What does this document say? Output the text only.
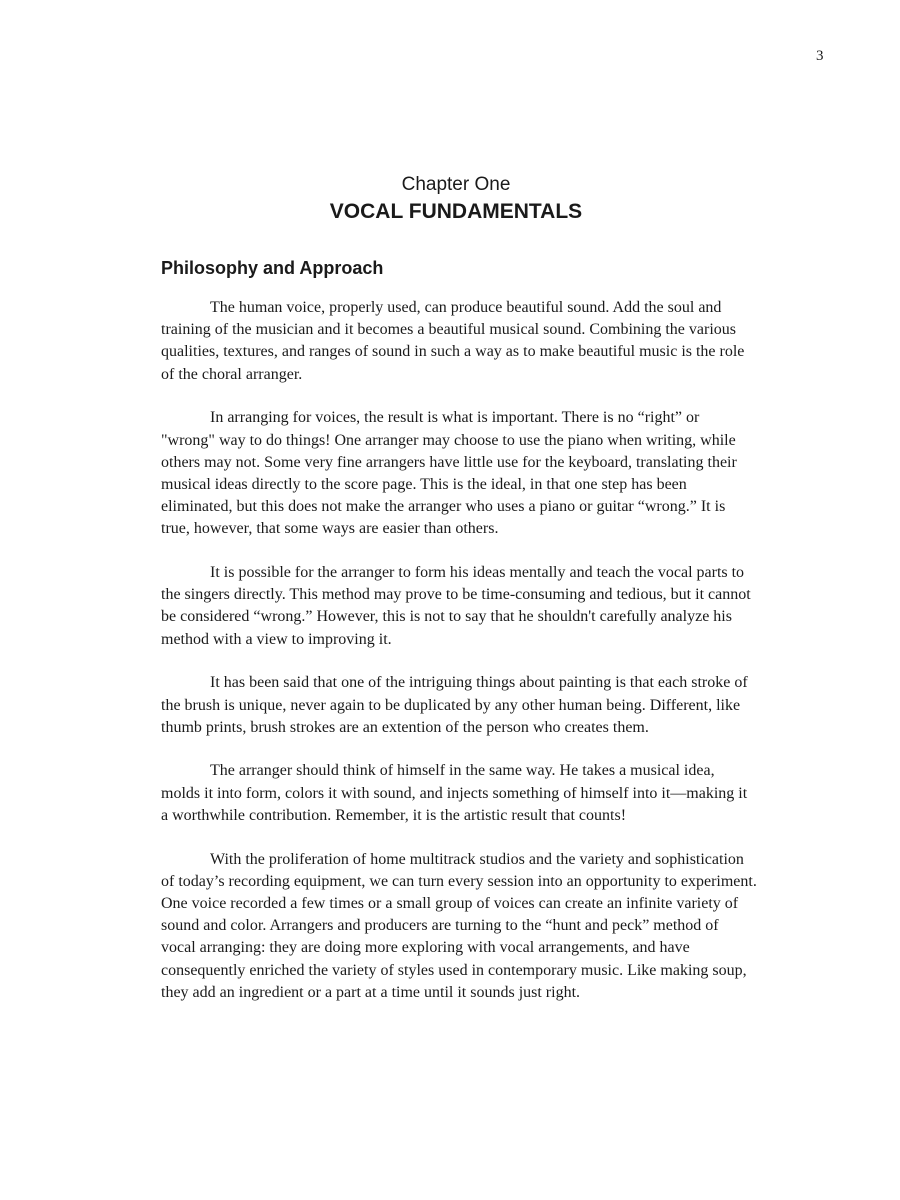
3
Chapter One
VOCAL FUNDAMENTALS
Philosophy and Approach

The human voice, properly used, can produce beautiful sound. Add the soul and training of the musician and it becomes a beautiful musical sound. Combining the various qualities, textures, and ranges of sound in such a way as to make beautiful music is the role of the choral arranger.

In arranging for voices, the result is what is important. There is no “right” or "wrong" way to do things! One arranger may choose to use the piano when writing, while others may not. Some very fine arrangers have little use for the keyboard, translating their musical ideas directly to the score page. This is the ideal, in that one step has been eliminated, but this does not make the arranger who uses a piano or guitar “wrong.” It is true, however, that some ways are easier than others.

It is possible for the arranger to form his ideas mentally and teach the vocal parts to the singers directly. This method may prove to be time-consuming and tedious, but it cannot be considered “wrong.” However, this is not to say that he shouldn't carefully analyze his method with a view to improving it.

It has been said that one of the intriguing things about painting is that each stroke of the brush is unique, never again to be duplicated by any other human being. Different, like thumb prints, brush strokes are an extention of the person who creates them.

The arranger should think of himself in the same way. He takes a musical idea, molds it into form, colors it with sound, and injects something of himself into it—making it a worthwhile contribution. Remember, it is the artistic result that counts!

With the proliferation of home multitrack studios and the variety and sophistication of today’s recording equipment, we can turn every session into an opportunity to experiment. One voice recorded a few times or a small group of voices can create an infinite variety of sound and color. Arrangers and producers are turning to the “hunt and peck” method of vocal arranging: they are doing more exploring with vocal arrangements, and have consequently enriched the variety of styles used in contemporary music. Like making soup, they add an ingredient or a part at a time until it sounds just right.
